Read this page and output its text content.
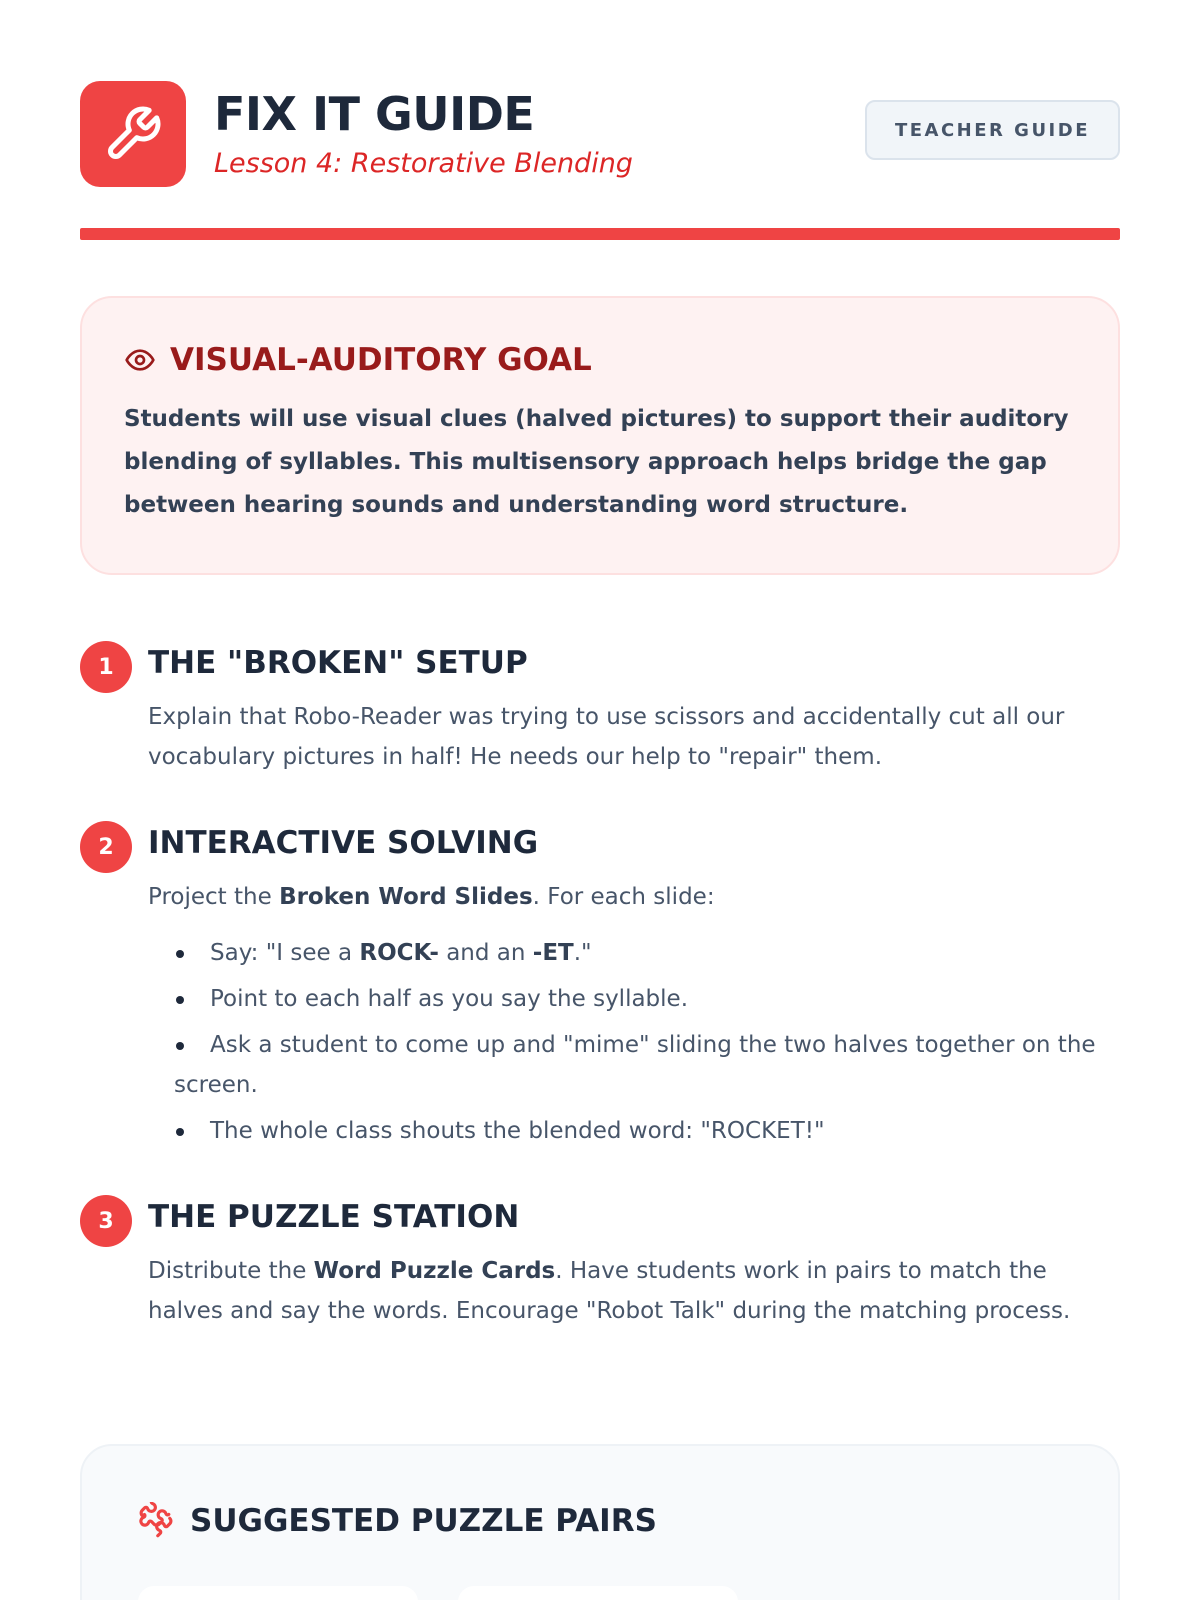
FIX IT GUIDE
Lesson 4: Restorative Blending
TEACHER GUIDE
VISUAL-AUDITORY GOAL
Students will use visual clues (halved pictures) to support their auditory blending of syllables. This multisensory approach helps bridge the gap between hearing sounds and understanding word structure.
1	THE "BROKEN" SETUP
Explain that Robo-Reader was trying to use scissors and accidentally cut all our vocabulary pictures in half! He needs our help to "repair" them.
2	INTERACTIVE SOLVING
Project the Broken Word Slides. For each slide:
Say: "I see a ROCK- and an -ET."
Point to each half as you say the syllable.
Ask a student to come up and "mime" sliding the two halves together on the screen.
The whole class shouts the blended word: "ROCKET!"
3	THE PUZZLE STATION
Distribute the Word Puzzle Cards. Have students work in pairs to match the halves and say the words. Encourage "Robot Talk" during the matching process.
SUGGESTED PUZZLE PAIRS
